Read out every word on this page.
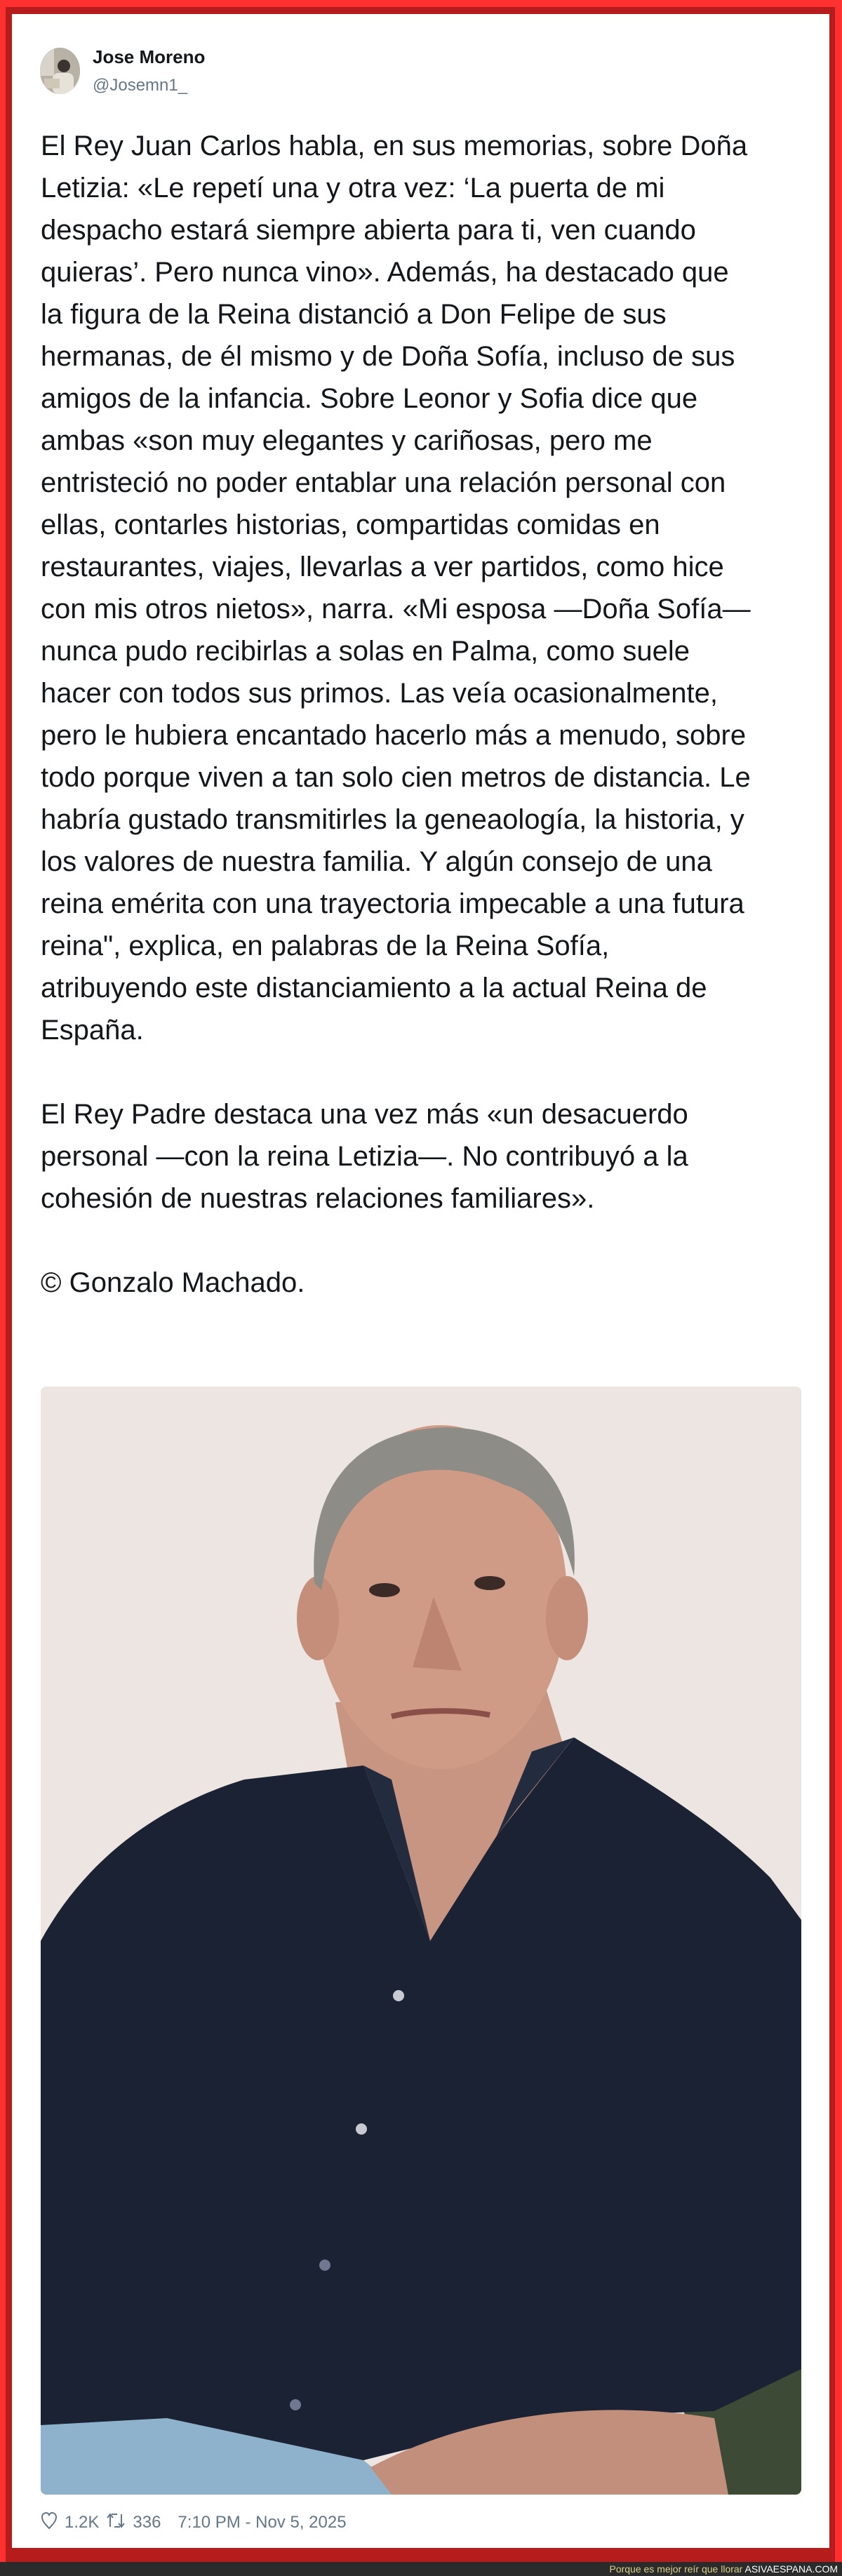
Jose Moreno
@Josemn1_
El Rey Juan Carlos habla, en sus memorias, sobre Doña
Letizia: «Le repetí una y otra vez: ‘La puerta de mi
despacho estará siempre abierta para ti, ven cuando
quieras’. Pero nunca vino». Además, ha destacado que
la figura de la Reina distanció a Don Felipe de sus
hermanas, de él mismo y de Doña Sofía, incluso de sus
amigos de la infancia. Sobre Leonor y Sofia dice que
ambas «son muy elegantes y cariñosas, pero me
entristeció no poder entablar una relación personal con
ellas, contarles historias, compartidas comidas en
restaurantes, viajes, llevarlas a ver partidos, como hice
con mis otros nietos», narra. «Mi esposa —Doña Sofía—
nunca pudo recibirlas a solas en Palma, como suele
hacer con todos sus primos. Las veía ocasionalmente,
pero le hubiera encantado hacerlo más a menudo, sobre
todo porque viven a tan solo cien metros de distancia. Le
habría gustado transmitirles la geneaología, la historia, y
los valores de nuestra familia. Y algún consejo de una
reina emérita con una trayectoria impecable a una futura
reina", explica, en palabras de la Reina Sofía,
atribuyendo este distanciamiento a la actual Reina de
España.
El Rey Padre destaca una vez más «un desacuerdo
personal —con la reina Letizia—. No contribuyó a la
cohesión de nuestras relaciones familiares».
© Gonzalo Machado.
1.2K 336 7:10 PM - Nov 5, 2025
Porque es mejor reír que llorar ASIVAESPANA.COM
